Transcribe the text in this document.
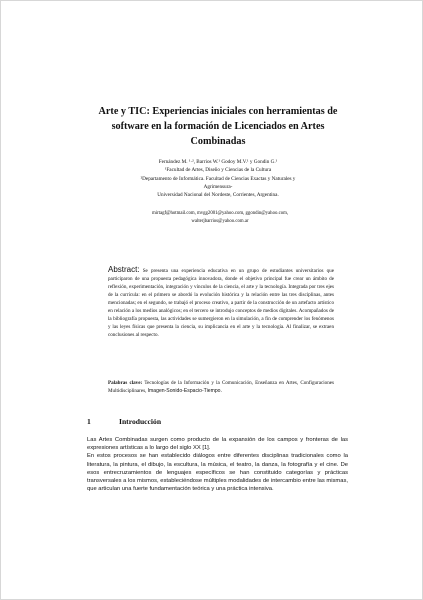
Arte y TIC: Experiencias iniciales con herramientas de
software en la formación de Licenciados en Artes
Combinadas
Fernández M. ¹·², Barrios W.¹ Godoy M.V.¹ y Gondin G.¹
¹Facultad de Artes, Diseño y Ciencias de la Cultura
²Departamento de Informática. Facultad de Ciencias Exactas y Naturales y
Agrimensura-
Universidad Nacional del Nordeste, Corrientes, Argentina.
mirtagf@hotmail.com, mvgg2001@yahoo.com, ggondin@yahoo.com,
walterjbarrios@yahoo.com.ar
Abstract: Se presenta una experiencia educativa en un grupo de estudiantes universitarios que participaron de una propuesta pedagógica innovadora, donde el objetivo principal fue crear un ámbito de reflexión, experimentación, integración y vínculos de la ciencia, el arte y la tecnología. Integrada por tres ejes de la currícula: en el primero se abordó la evolución histórica y la relación entre las tres disciplinas, antes mencionadas; en el segundo, se trabajó el proceso creativo, a partir de la construcción de un artefacto artístico en relación a los medios analógicos; en el tercero se introdujo conceptos de medios digitales. Acompañados de la bibliografía propuesta, las actividades se sumergieron en la simulación, a fin de comprender los fenómenos y las leyes físicas que presenta la ciencia, su implicancia en el arte y la tecnología. Al finalizar, se extraen conclusiones al respecto.
Palabras clave: Tecnologías de la Información y la Comunicación, Enseñanza en Artes, Configuraciones Multidisciplinares, Imagen-Sonido-Espacio-Tiempo.
1	Introducción

Las Artes Combinadas surgen como producto de la expansión de los campos y fronteras de las expresiones artísticas a lo largo del siglo XX [1].

En estos procesos se han establecido diálogos entre diferentes disciplinas tradicionales como la literatura, la pintura, el dibujo, la escultura, la música, el teatro, la danza, la fotografía y el cine. De esos entrecruzamientos de lenguajes específicos se han constituido categorías y prácticas transversales a los mismos, estableciéndose múltiples modalidades de intercambio entre las mismas, que articulan una fuerte fundamentación teórica y una práctica intensiva.
